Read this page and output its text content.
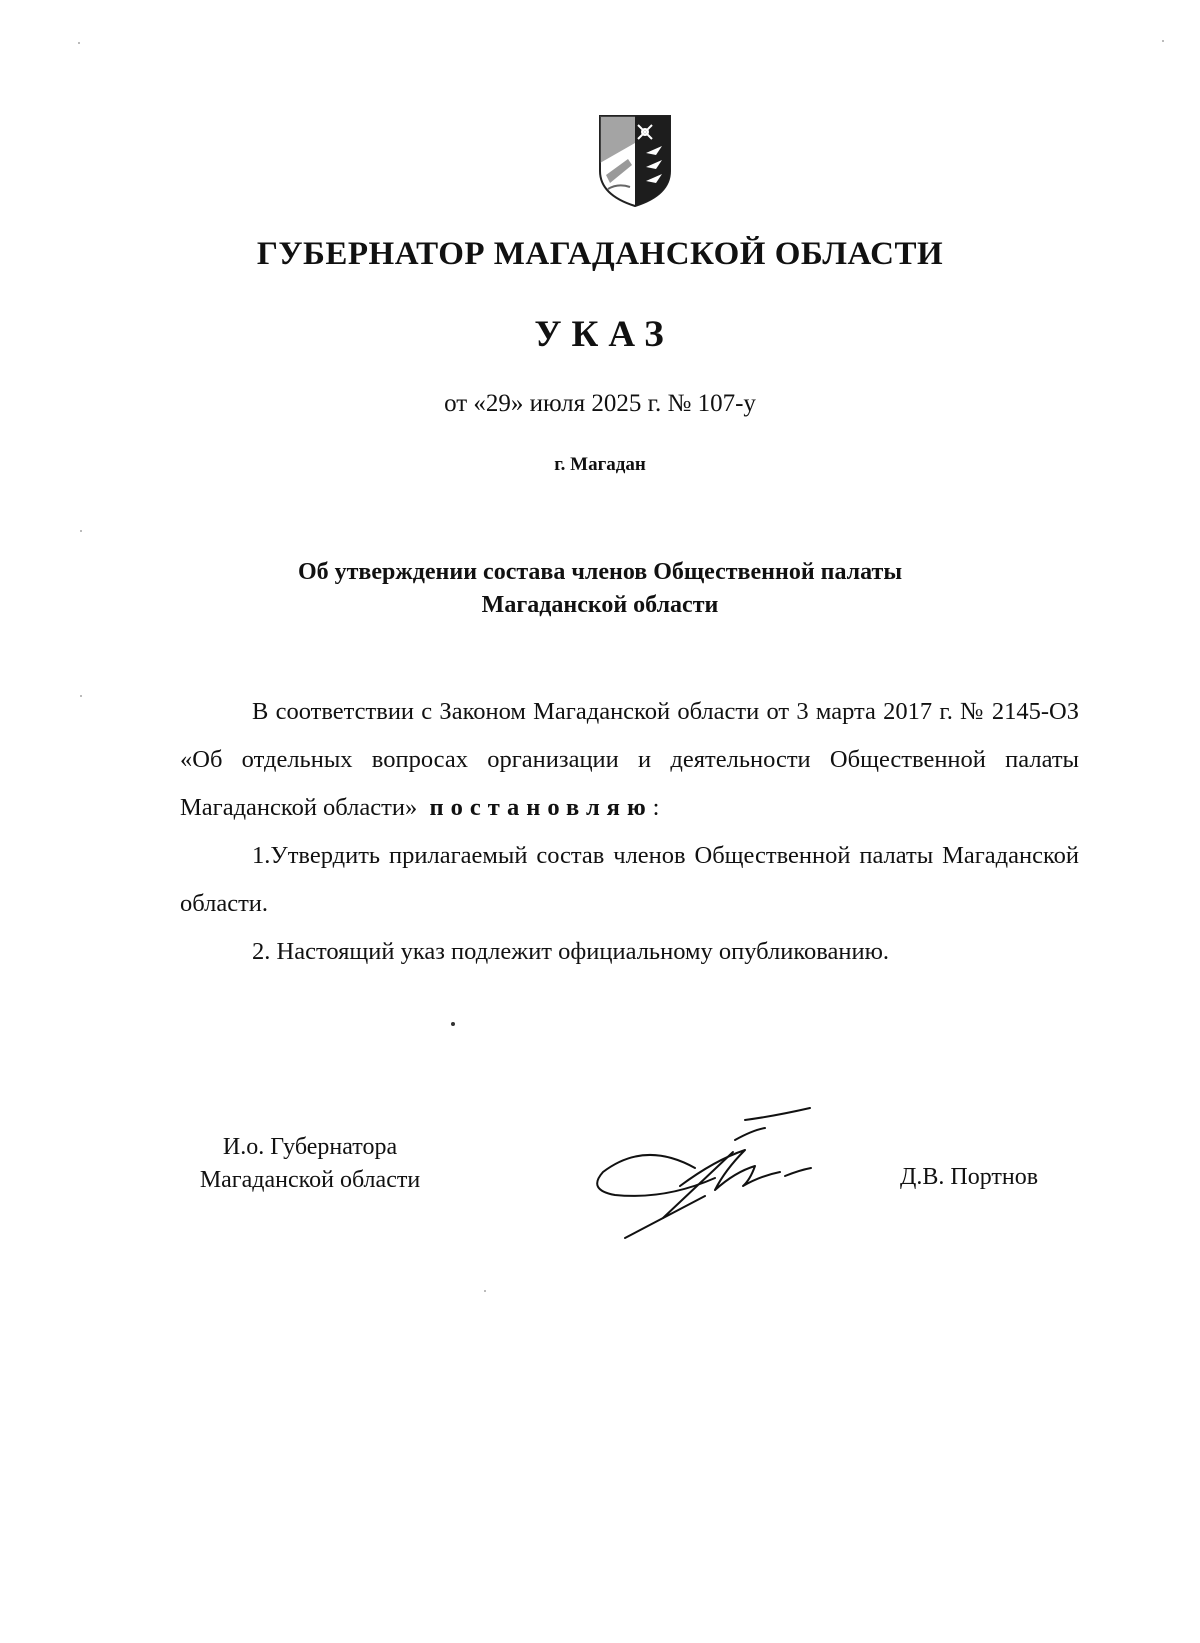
ГУБЕРНАТОР МАГАДАНСКОЙ ОБЛАСТИ
УКАЗ
от «29» июля 2025 г. № 107-у
г. Магадан
Об утверждении состава членов Общественной палаты
Магаданской области

В соответствии с Законом Магаданской области от 3 марта 2017 г. № 2145-ОЗ «Об отдельных вопросах организации и деятельности Общественной палаты Магаданской области» постановляю:

1.Утвердить прилагаемый состав членов Общественной палаты Магаданской области.

2. Настоящий указ подлежит официальному опубликованию.

И.о. Губернатора
Магаданской области	Д.В. Портнов
